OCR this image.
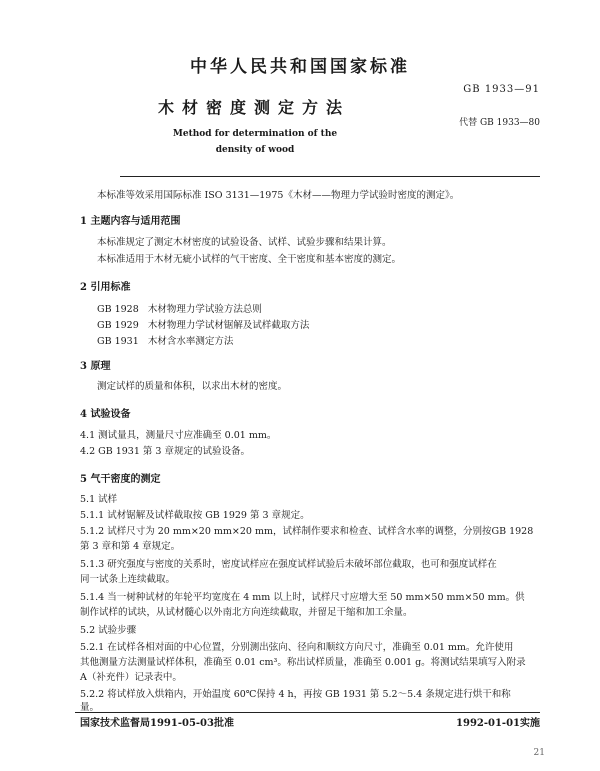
中华人民共和国国家标准
GB 1933—91
木材密度测定方法
代替 GB 1933—80
Method for determination of the
density of wood
本标准等效采用国际标准 ISO 3131—1975《木材——物理力学试验时密度的测定》。
1 主题内容与适用范围
本标准规定了测定木材密度的试验设备、试样、试验步骤和结果计算。
本标准适用于木材无疵小试样的气干密度、全干密度和基本密度的测定。
2 引用标准
GB 1928   木材物理力学试验方法总则
GB 1929   木材物理力学试材锯解及试样截取方法
GB 1931   木材含水率测定方法
3 原理
测定试样的质量和体积，以求出木材的密度。
4 试验设备
4.1 测试量具，测量尺寸应准确至 0.01 mm。
4.2 GB 1931 第 3 章规定的试验设备。
5 气干密度的测定
5.1 试样
5.1.1 试材锯解及试样截取按 GB 1929 第 3 章规定。
5.1.2 试样尺寸为 20 mm×20 mm×20 mm，试样制作要求和检查、试样含水率的调整，分别按GB 1928
第 3 章和第 4 章规定。
5.1.3 研究强度与密度的关系时，密度试样应在强度试样试验后未破坏部位截取，也可和强度试样在
同一试条上连续截取。
5.1.4 当一树种试材的年轮平均宽度在 4 mm 以上时，试样尺寸应增大至 50 mm×50 mm×50 mm。供
制作试样的试块，从试材髓心以外南北方向连续截取，并留足干缩和加工余量。
5.2 试验步骤
5.2.1 在试样各相对面的中心位置，分别测出弦向、径向和顺纹方向尺寸，准确至 0.01 mm。允许使用
其他测量方法测量试样体积，准确至 0.01 cm³。称出试样质量，准确至 0.001 g。将测试结果填写入附录
A（补充件）记录表中。
5.2.2 将试样放入烘箱内，开始温度 60℃保持 4 h，再按 GB 1931 第 5.2～5.4 条规定进行烘干和称
量。
国家技术监督局1991-05-03批准	1992-01-01实施
21
